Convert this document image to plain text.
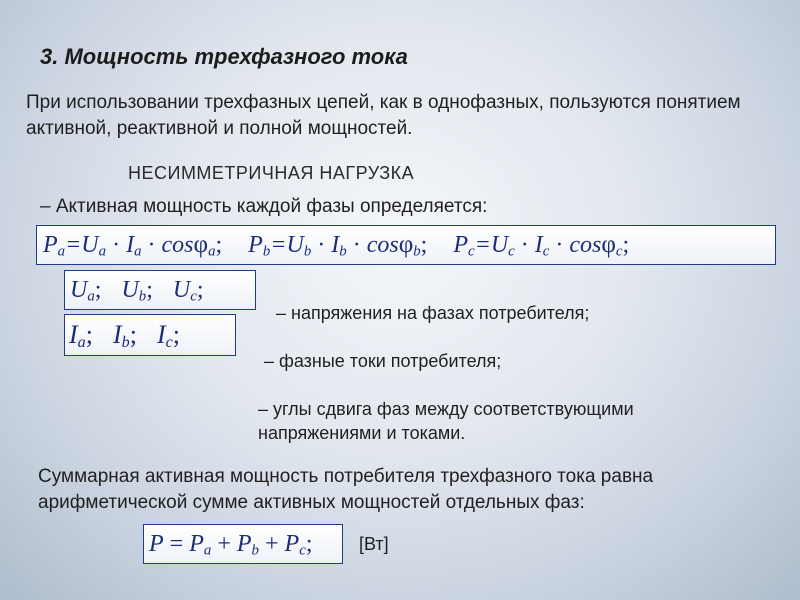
3. Мощность трехфазного тока
При использовании трехфазных цепей, как в однофазных, пользуются понятием активной, реактивной и полной мощностей.
НЕСИММЕТРИЧНАЯ НАГРУЗКА
– Активная мощность каждой фазы определяется:
$P_a=U_a \cdot I_a \cdot \cos\varphi_a$; $P_b=U_b \cdot I_b \cdot \cos\varphi_b$; $P_c=U_c \cdot I_c \cdot \cos\varphi_c$;
$U_a$; $U_b$; $U_c$;
$I_a$; $I_b$; $I_c$;
– напряжения на фазах потребителя;
– фазные токи потребителя;
– углы сдвига фаз между соответствующими
напряжениями и токами.
Суммарная активная мощность потребителя трехфазного тока равна арифметической сумме активных мощностей отдельных фаз:
$P = P_a + P_b + P_c$;	[Вт]
